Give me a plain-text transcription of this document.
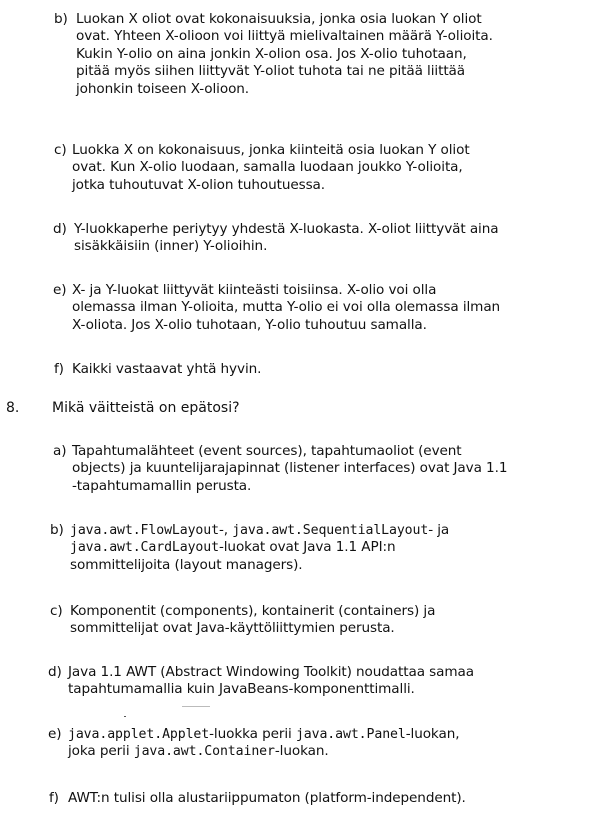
b) Luokan X oliot ovat kokonaisuuksia, jonka osia luokan Y oliot
ovat. Yhteen X-olioon voi liittyä mielivaltainen määrä Y-olioita.
Kukin Y-olio on aina jonkin X-olion osa. Jos X-olio tuhotaan,
pitää myös siihen liittyvät Y-oliot tuhota tai ne pitää liittää
johonkin toiseen X-olioon.
c) Luokka X on kokonaisuus, jonka kiinteitä osia luokan Y oliot
ovat. Kun X-olio luodaan, samalla luodaan joukko Y-olioita,
jotka tuhoutuvat X-olion tuhoutuessa.
d) Y-luokkaperhe periytyy yhdestä X-luokasta. X-oliot liittyvät aina
sisäkkäisiin (inner) Y-olioihin.
e) X- ja Y-luokat liittyvät kiinteästi toisiinsa. X-olio voi olla
olemassa ilman Y-olioita, mutta Y-olio ei voi olla olemassa ilman
X-oliota. Jos X-olio tuhotaan, Y-olio tuhoutuu samalla.
f) Kaikki vastaavat yhtä hyvin.
8. Mikä väitteistä on epätosi?
a) Tapahtumalähteet (event sources), tapahtumaoliot (event
objects) ja kuuntelijarajapinnat (listener interfaces) ovat Java 1.1
-tapahtumamallin perusta.
b) java.awt.FlowLayout-, java.awt.SequentialLayout- ja
java.awt.CardLayout-luokat ovat Java 1.1 API:n
sommittelijoita (layout managers).
c) Komponentit (components), kontainerit (containers) ja
sommittelijat ovat Java-käyttöliittymien perusta.
d) Java 1.1 AWT (Abstract Windowing Toolkit) noudattaa samaa
tapahtumamallia kuin JavaBeans-komponenttimalli.
e) java.applet.Applet-luokka perii java.awt.Panel-luokan,
joka perii java.awt.Container-luokan.
f) AWT:n tulisi olla alustariippumaton (platform-independent).
